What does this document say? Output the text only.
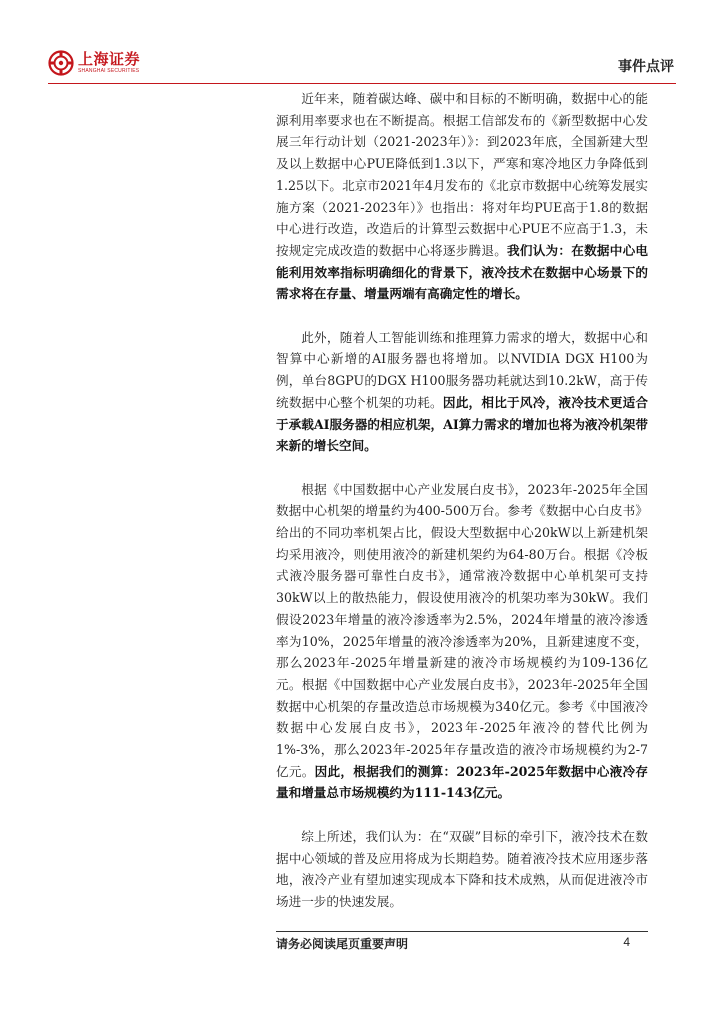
上海证券
SHANGHAI SECURITIES	事件点评

近年来，随着碳达峰、碳中和目标的不断明确，数据中心的能源利用率要求也在不断提高。根据工信部发布的《新型数据中心发展三年行动计划（2021-2023年）》：到2023年底，全国新建大型及以上数据中心PUE降低到1.3以下，严寒和寒冷地区力争降低到1.25以下。北京市2021年4月发布的《北京市数据中心统筹发展实施方案（2021-2023年）》也指出：将对年均PUE高于1.8的数据中心进行改造，改造后的计算型云数据中心PUE不应高于1.3，未按规定完成改造的数据中心将逐步腾退。我们认为：在数据中心电能利用效率指标明确细化的背景下，液冷技术在数据中心场景下的需求将在存量、增量两端有高确定性的增长。

此外，随着人工智能训练和推理算力需求的增大，数据中心和智算中心新增的AI服务器也将增加。以NVIDIA DGX H100为例，单台8GPU的DGX H100服务器功耗就达到10.2kW，高于传统数据中心整个机架的功耗。因此，相比于风冷，液冷技术更适合于承载AI服务器的相应机架，AI算力需求的增加也将为液冷机架带来新的增长空间。

根据《中国数据中心产业发展白皮书》，2023年-2025年全国数据中心机架的增量约为400-500万台。参考《数据中心白皮书》给出的不同功率机架占比，假设大型数据中心20kW以上新建机架均采用液冷，则使用液冷的新建机架约为64-80万台。根据《冷板式液冷服务器可靠性白皮书》，通常液冷数据中心单机架可支持30kW以上的散热能力，假设使用液冷的机架功率为30kW。我们假设2023年增量的液冷渗透率为2.5%，2024年增量的液冷渗透率为10%，2025年增量的液冷渗透率为20%，且新建速度不变，那么2023年-2025年增量新建的液冷市场规模约为109-136亿元。根据《中国数据中心产业发展白皮书》，2023年-2025年全国数据中心机架的存量改造总市场规模为340亿元。参考《中国液冷数据中心发展白皮书》，2023年-2025年液冷的替代比例为1%-3%，那么2023年-2025年存量改造的液冷市场规模约为2-7亿元。因此，根据我们的测算：2023年-2025年数据中心液冷存量和增量总市场规模约为111-143亿元。

综上所述，我们认为：在“双碳”目标的牵引下，液冷技术在数据中心领域的普及应用将成为长期趋势。随着液冷技术应用逐步落地，液冷产业有望加速实现成本下降和技术成熟，从而促进液冷市场进一步的快速发展。

请务必阅读尾页重要声明	4
